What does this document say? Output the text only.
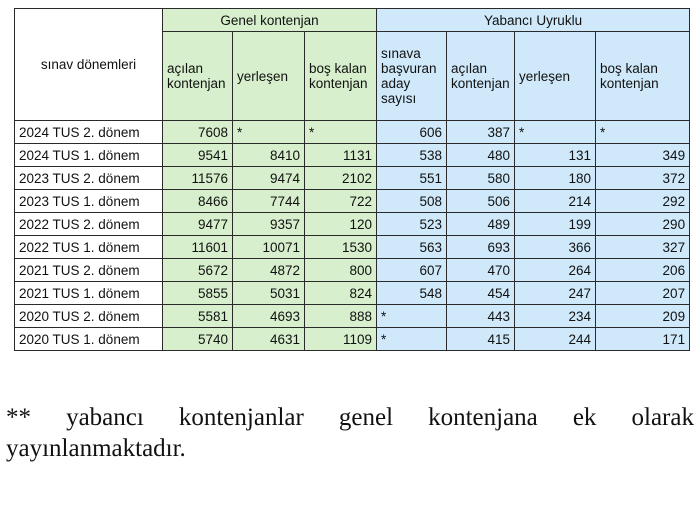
sınav dönemleri	Genel kontenjan			Yabancı Uyruklu			
	açılan kontenjan	yerleşen	boş kalan kontenjan	sınava başvuran aday sayısı	açılan kontenjan	yerleşen	boş kalan kontenjan
2024 TUS 2. dönem	7608	*	*	606	387	*	*
2024 TUS 1. dönem	9541	8410	1131	538	480	131	349
2023 TUS 2. dönem	11576	9474	2102	551	580	180	372
2023 TUS 1. dönem	8466	7744	722	508	506	214	292
2022 TUS 2. dönem	9477	9357	120	523	489	199	290
2022 TUS 1. dönem	11601	10071	1530	563	693	366	327
2021 TUS 2. dönem	5672	4872	800	607	470	264	206
2021 TUS 1. dönem	5855	5031	824	548	454	247	207
2020 TUS 2. dönem	5581	4693	888	*	443	234	209
2020 TUS 1. dönem	5740	4631	1109	*	415	244	171
** yabancı kontenjanlar genel kontenjana ek olarak
yayınlanmaktadır.
